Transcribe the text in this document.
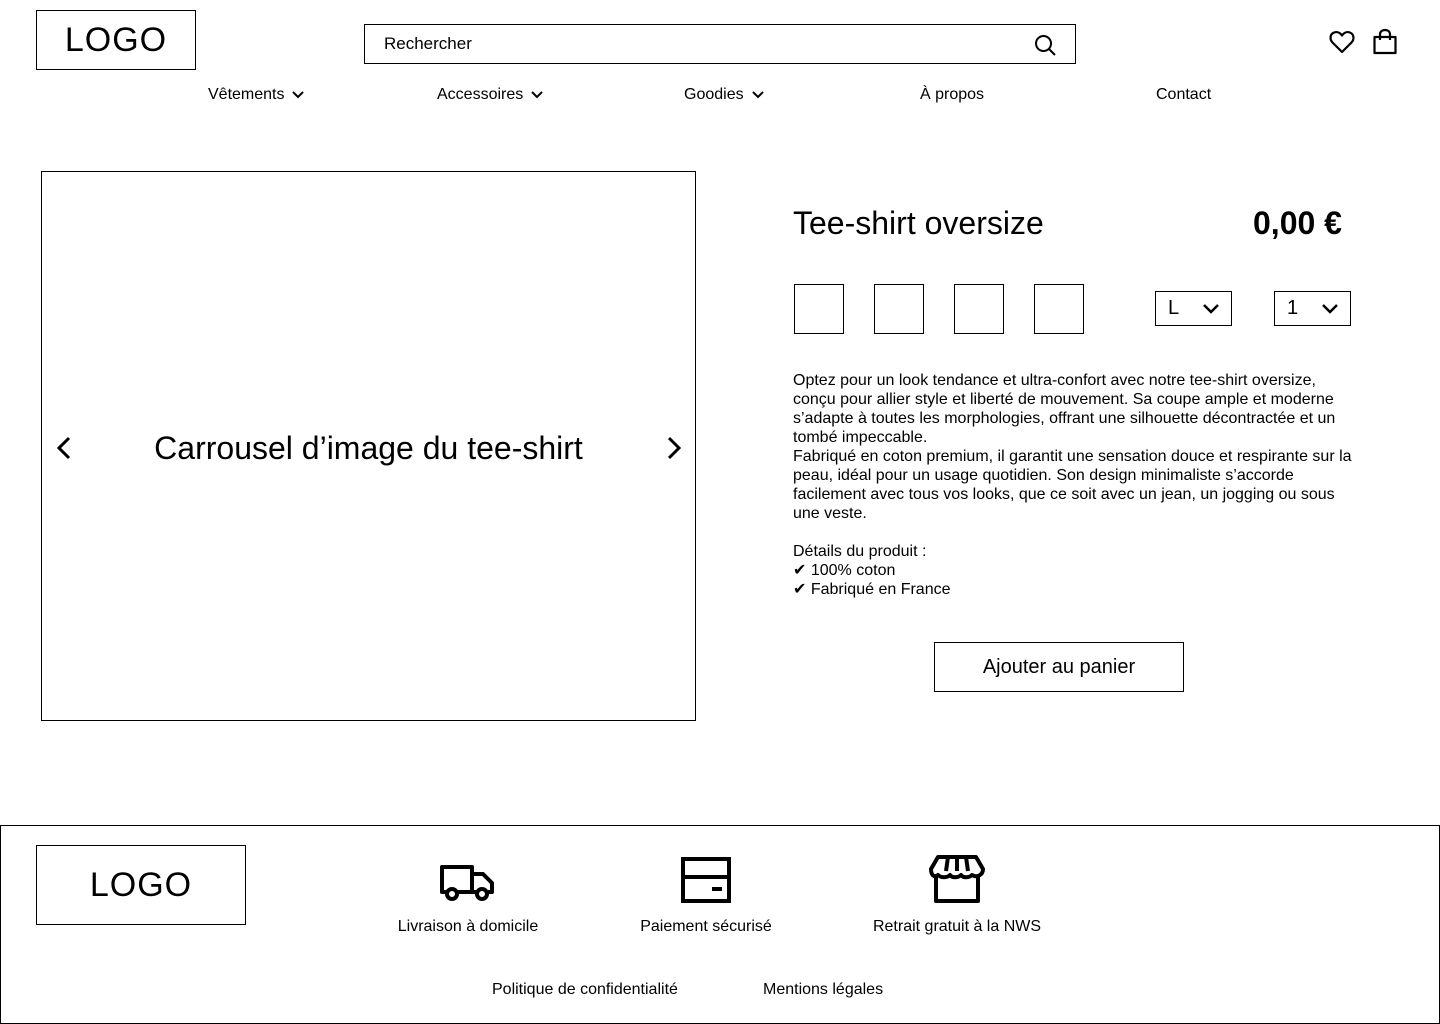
LOGO
Rechercher
Vêtements	Accessoires	Goodies	À propos	Contact
Carrousel d’image du tee-shirt
Tee-shirt oversize	0,00 €
L	1

Optez pour un look tendance et ultra-confort avec notre tee-shirt oversize, conçu pour allier style et liberté de mouvement. Sa coupe ample et moderne s’adapte à toutes les morphologies, offrant une silhouette décontractée et un tombé impeccable.

Fabriqué en coton premium, il garantit une sensation douce et respirante sur la peau, idéal pour un usage quotidien. Son design minimaliste s’accorde facilement avec tous vos looks, que ce soit avec un jean, un jogging ou sous une veste.

Détails du produit :

✔ 100% coton

✔ Fabriqué en France

Ajouter au panier
LOGO
Livraison à domicile	Paiement sécurisé	Retrait gratuit à la NWS
Politique de confidentialité	Mentions légales
